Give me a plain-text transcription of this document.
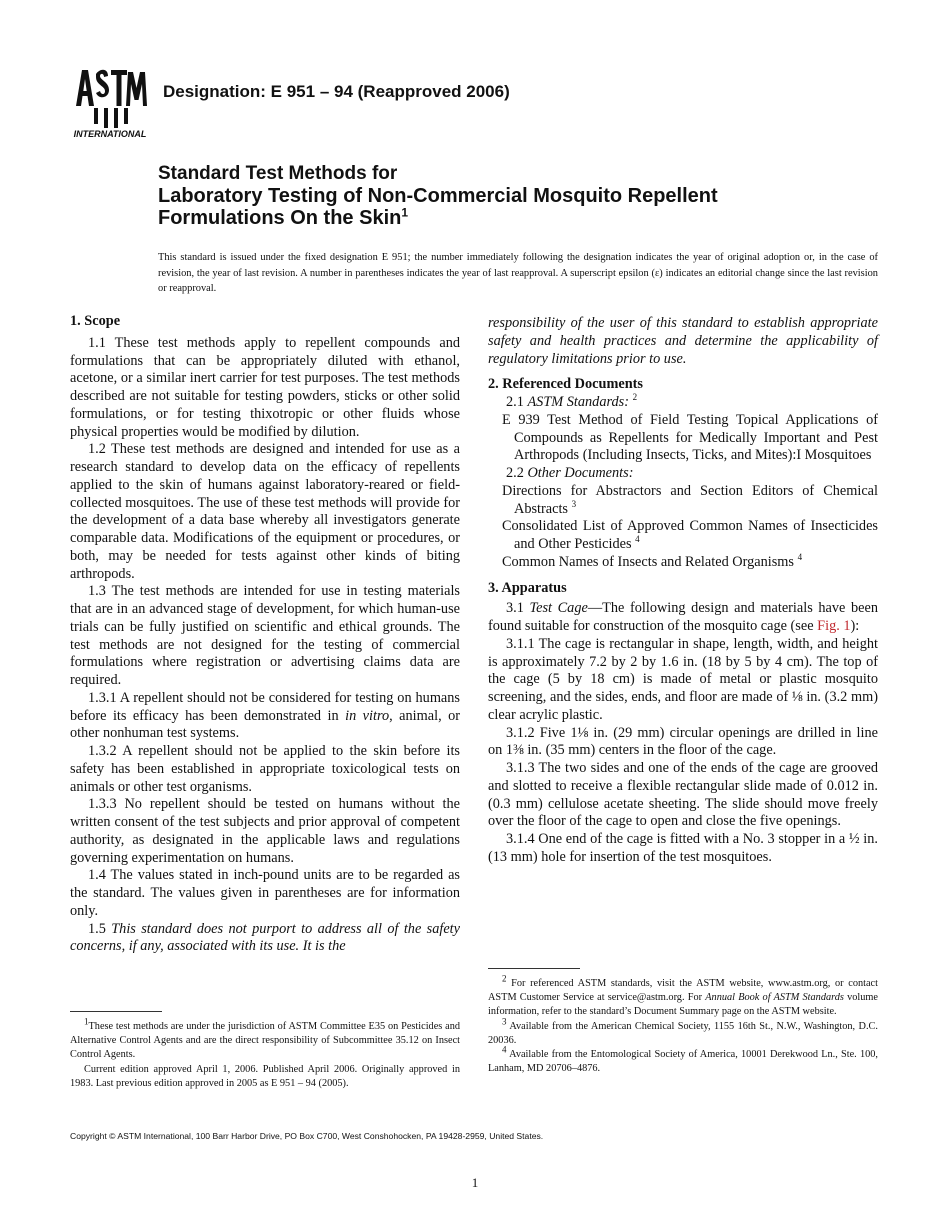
INTERNATIONAL
Designation: E 951 – 94 (Reapproved 2006)
Standard Test Methods for
Laboratory Testing of Non-Commercial Mosquito Repellent
Formulations On the Skin$^1$
This standard is issued under the fixed designation E 951; the number immediately following the designation indicates the year of original adoption or, in the case of revision, the year of last revision. A number in parentheses indicates the year of last reapproval. A superscript epsilon (ε) indicates an editorial change since the last revision or reapproval.

1. Scope

1.1 These test methods apply to repellent compounds and formulations that can be appropriately diluted with ethanol, acetone, or a similar inert carrier for test purposes. The test methods described are not suitable for testing powders, sticks or other solid formulations, or for testing thixotropic or other fluids whose physical properties would be modified by dilution.

1.2 These test methods are designed and intended for use as a research standard to develop data on the efficacy of repellents applied to the skin of humans against laboratory-reared or field-collected mosquitoes. The use of these test methods will provide for the development of a data base whereby all investigators generate comparable data. Modifications of the equipment or procedures, or both, may be needed for tests against other kinds of biting arthropods.

1.3 The test methods are intended for use in testing materials that are in an advanced stage of development, for which human-use trials can be fully justified on scientific and ethical grounds. The test methods are not designed for the testing of commercial formulations where registration or advertising claims data are required.

1.3.1 A repellent should not be considered for testing on humans before its efficacy has been demonstrated in in vitro, animal, or other nonhuman test systems.

1.3.2 A repellent should not be applied to the skin before its safety has been established in appropriate toxicological tests on animals or other test organisms.

1.3.3 No repellent should be tested on humans without the written consent of the test subjects and prior approval of competent authority, as designated in the applicable laws and regulations governing experimentation on humans.

1.4 The values stated in inch-pound units are to be regarded as the standard. The values given in parentheses are for information only.

1.5 This standard does not purport to address all of the safety concerns, if any, associated with its use. It is the

responsibility of the user of this standard to establish appropriate safety and health practices and determine the applicability of regulatory limitations prior to use.

2. Referenced Documents

2.1 ASTM Standards: $^2$

E 939 Test Method of Field Testing Topical Applications of Compounds as Repellents for Medically Important and Pest Arthropods (Including Insects, Ticks, and Mites):I Mosquitoes

2.2 Other Documents:

Directions for Abstractors and Section Editors of Chemical Abstracts $^3$

Consolidated List of Approved Common Names of Insecticides and Other Pesticides $^4$

Common Names of Insects and Related Organisms $^4$

3. Apparatus

3.1 Test Cage—The following design and materials have been found suitable for construction of the mosquito cage (see Fig. 1):

3.1.1 The cage is rectangular in shape, length, width, and height is approximately 7.2 by 2 by 1.6 in. (18 by 5 by 4 cm). The top of the cage (5 by 18 cm) is made of metal or plastic mosquito screening, and the sides, ends, and floor are made of ⅛ in. (3.2 mm) clear acrylic plastic.

3.1.2 Five 1⅛ in. (29 mm) circular openings are drilled in line on 1⅜ in. (35 mm) centers in the floor of the cage.

3.1.3 The two sides and one of the ends of the cage are grooved and slotted to receive a flexible rectangular slide made of 0.012 in. (0.3 mm) cellulose acetate sheeting. The slide should move freely over the floor of the cage to open and close the five openings.

3.1.4 One end of the cage is fitted with a No. 3 stopper in a ½ in. (13 mm) hole for insertion of the test mosquitoes.

$^1$These test methods are under the jurisdiction of ASTM Committee E35 on Pesticides and Alternative Control Agents and are the direct responsibility of Subcommittee 35.12 on Insect Control Agents.

Current edition approved April 1, 2006. Published April 2006. Originally approved in 1983. Last previous edition approved in 2005 as E 951 – 94 (2005).

$^2$ For referenced ASTM standards, visit the ASTM website, www.astm.org, or contact ASTM Customer Service at service@astm.org. For Annual Book of ASTM Standards volume information, refer to the standard’s Document Summary page on the ASTM website.

$^3$ Available from the American Chemical Society, 1155 16th St., N.W., Washington, D.C. 20036.

$^4$ Available from the Entomological Society of America, 10001 Derekwood Ln., Ste. 100, Lanham, MD 20706–4876.

Copyright © ASTM International, 100 Barr Harbor Drive, PO Box C700, West Conshohocken, PA 19428-2959, United States.
1
